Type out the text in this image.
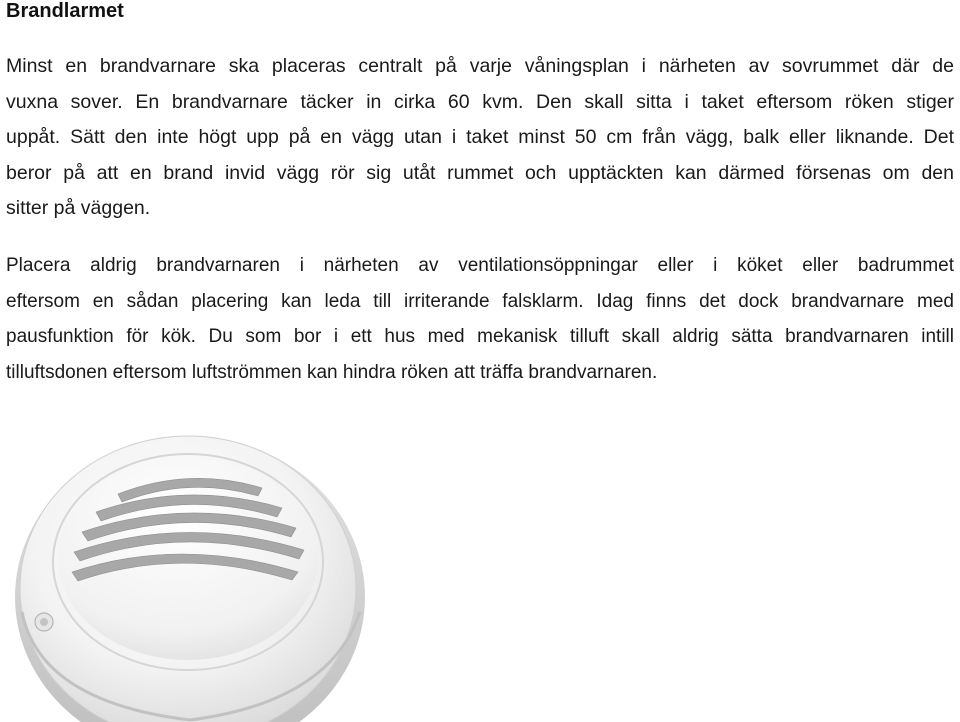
Brandlarmet

Minst en brandvarnare ska placeras centralt på varje våningsplan i närheten av sovrummet där de
vuxna sover. En brandvarnare täcker in cirka 60 kvm. Den skall sitta i taket eftersom röken stiger
uppåt. Sätt den inte högt upp på en vägg utan i taket minst 50 cm från vägg, balk eller liknande. Det
beror på att en brand invid vägg rör sig utåt rummet och upptäckten kan därmed försenas om den
sitter på väggen.

Placera aldrig brandvarnaren i närheten av ventilationsöppningar eller i köket eller badrummet
eftersom en sådan placering kan leda till irriterande falsklarm. Idag finns det dock brandvarnare med
pausfunktion för kök. Du som bor i ett hus med mekanisk tilluft skall aldrig sätta brandvarnaren intill
tilluftsdonen eftersom luftströmmen kan hindra röken att träffa brandvarnaren.
